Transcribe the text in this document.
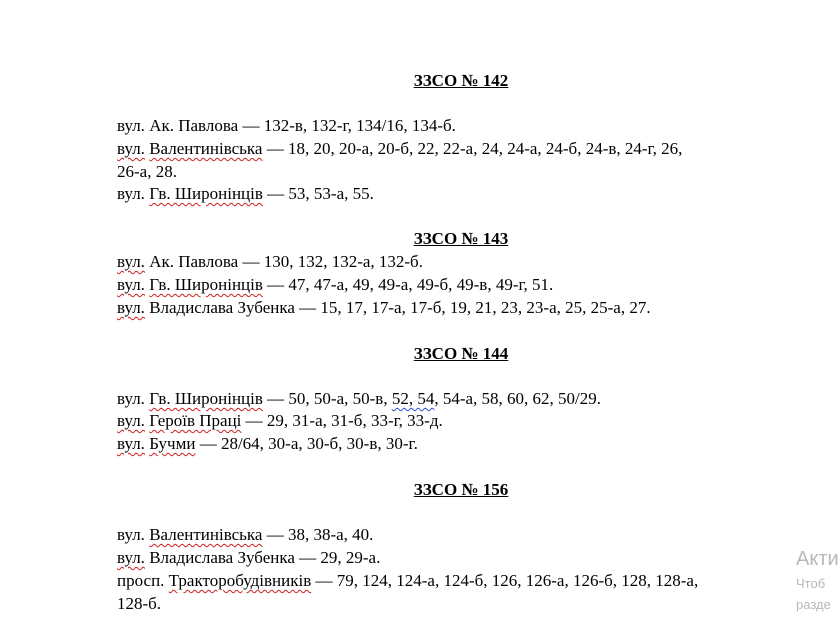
ЗЗСО № 142
вул. Ак. Павлова — 132-в, 132-г, 134/16, 134-б.
вул. Валентинівська — 18, 20, 20-а, 20-б, 22, 22-а, 24, 24-а, 24-б, 24-в, 24-г, 26,
26-а, 28.
вул. Гв. Широнінців — 53, 53-а, 55.
ЗЗСО № 143
вул. Ак. Павлова — 130, 132, 132-а, 132-б.
вул. Гв. Широнінців — 47, 47-а, 49, 49-а, 49-б, 49-в, 49-г, 51.
вул. Владислава Зубенка — 15, 17, 17-а, 17-б, 19, 21, 23, 23-а, 25, 25-а, 27.
ЗЗСО № 144
вул. Гв. Широнінців — 50, 50-а, 50-в, 52, 54, 54-а, 58, 60, 62, 50/29.
вул. Героїв Праці — 29, 31-а, 31-б, 33-г, 33-д.
вул. Бучми — 28/64, 30-а, 30-б, 30-в, 30-г.
ЗЗСО № 156
вул. Валентинівська — 38, 38-а, 40.
вул. Владислава Зубенка — 29, 29-а.
просп. Тракторобудівників — 79, 124, 124-а, 124-б, 126, 126-а, 126-б, 128, 128-а,
128-б.
Акти
Чтоб
разде
